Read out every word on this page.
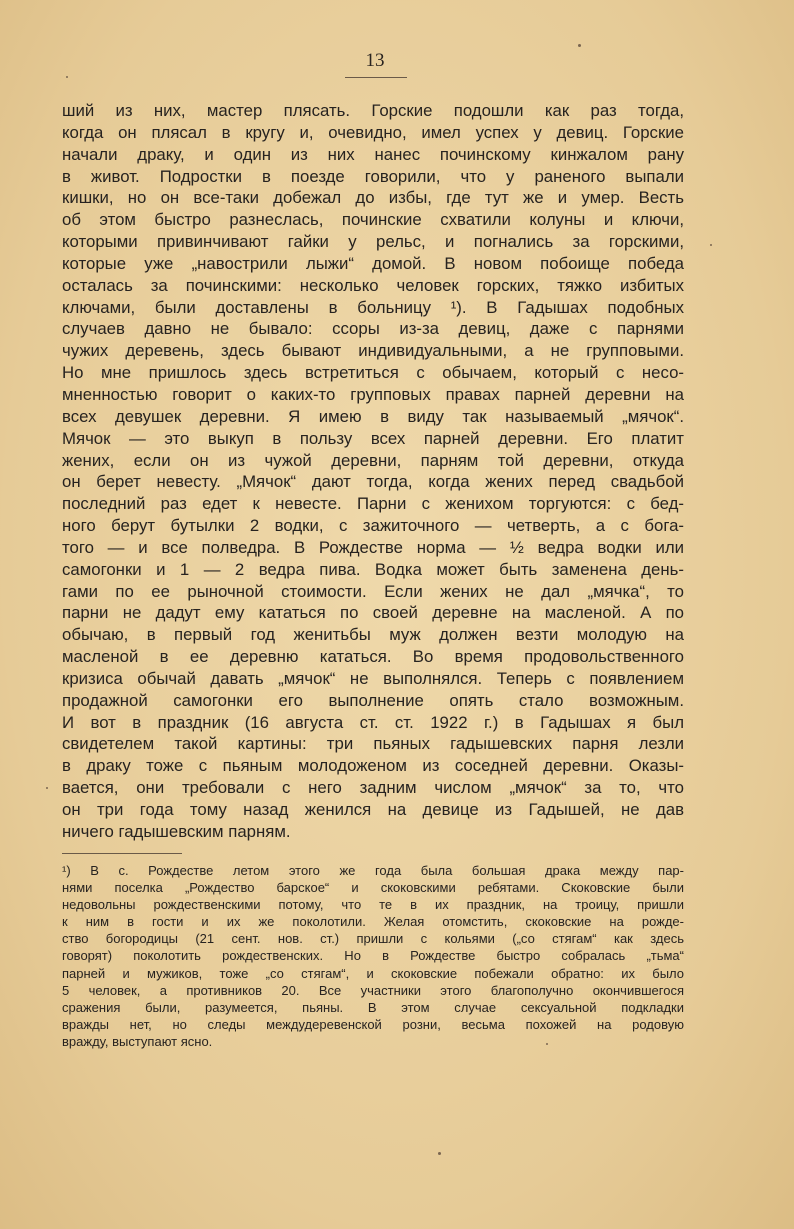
13
ший из них, мастер плясать. Горские подошли как раз тогда,
когда он плясал в кругу и, очевидно, имел успех у девиц. Горские
начали драку, и один из них нанес починскому кинжалом рану
в живот. Подростки в поезде говорили, что у раненого выпали
кишки, но он все-таки добежал до избы, где тут же и умер. Весть
об этом быстро разнеслась, починские схватили колуны и ключи,
которыми привинчивают гайки у рельс, и погнались за горскими,
которые уже „навострили лыжи“ домой. В новом побоище победа
осталась за починскими: несколько человек горских, тяжко избитых
ключами, были доставлены в больницу ¹). В Гадышах подобных
случаев давно не бывало: ссоры из-за девиц, даже с парнями
чужих деревень, здесь бывают индивидуальными, а не групповыми.
Но мне пришлось здесь встретиться с обычаем, который с несо-
мненностью говорит о каких-то групповых правах парней деревни на
всех девушек деревни. Я имею в виду так называемый „мячок“.
Мячок — это выкуп в пользу всех парней деревни. Его платит
жених, если он из чужой деревни, парням той деревни, откуда
он берет невесту. „Мячок“ дают тогда, когда жених перед свадьбой
последний раз едет к невесте. Парни с женихом торгуются: с бед-
ного берут бутылки 2 водки, с зажиточного — четверть, а с бога-
того — и все полведра. В Рождестве норма — ½ ведра водки или
самогонки и 1 — 2 ведра пива. Водка может быть заменена день-
гами по ее рыночной стоимости. Если жених не дал „мячка“, то
парни не дадут ему кататься по своей деревне на масленой. А по
обычаю, в первый год женитьбы муж должен везти молодую на
масленой в ее деревню кататься. Во время продовольственного
кризиса обычай давать „мячок“ не выполнялся. Теперь с появлением
продажной самогонки его выполнение опять стало возможным.
И вот в праздник (16 августа ст. ст. 1922 г.) в Гадышах я был
свидетелем такой картины: три пьяных гадышевских парня лезли
в драку тоже с пьяным молодоженом из соседней деревни. Оказы-
вается, они требовали с него задним числом „мячок“ за то, что
он три года тому назад женился на девице из Гадышей, не дав
ничего гадышевским парням.
¹) В с. Рождестве летом этого же года была большая драка между пар-
нями поселка „Рождество барское“ и скоковскими ребятами. Скоковские были
недовольны рождественскими потому, что те в их праздник, на троицу, пришли
к ним в гости и их же поколотили. Желая отомстить, скоковские на рожде-
ство богородицы (21 сент. нов. ст.) пришли с кольями („со стягам“ как здесь
говорят) поколотить рождественских. Но в Рождестве быстро собралась „тьма“
парней и мужиков, тоже „со стягам“, и скоковские побежали обратно: их было
5 человек, а противников 20. Все участники этого благополучно окончившегося
сражения были, разумеется, пьяны. В этом случае сексуальной подкладки
вражды нет, но следы междудеревенской розни, весьма похожей на родовую
вражду, выступают ясно.
